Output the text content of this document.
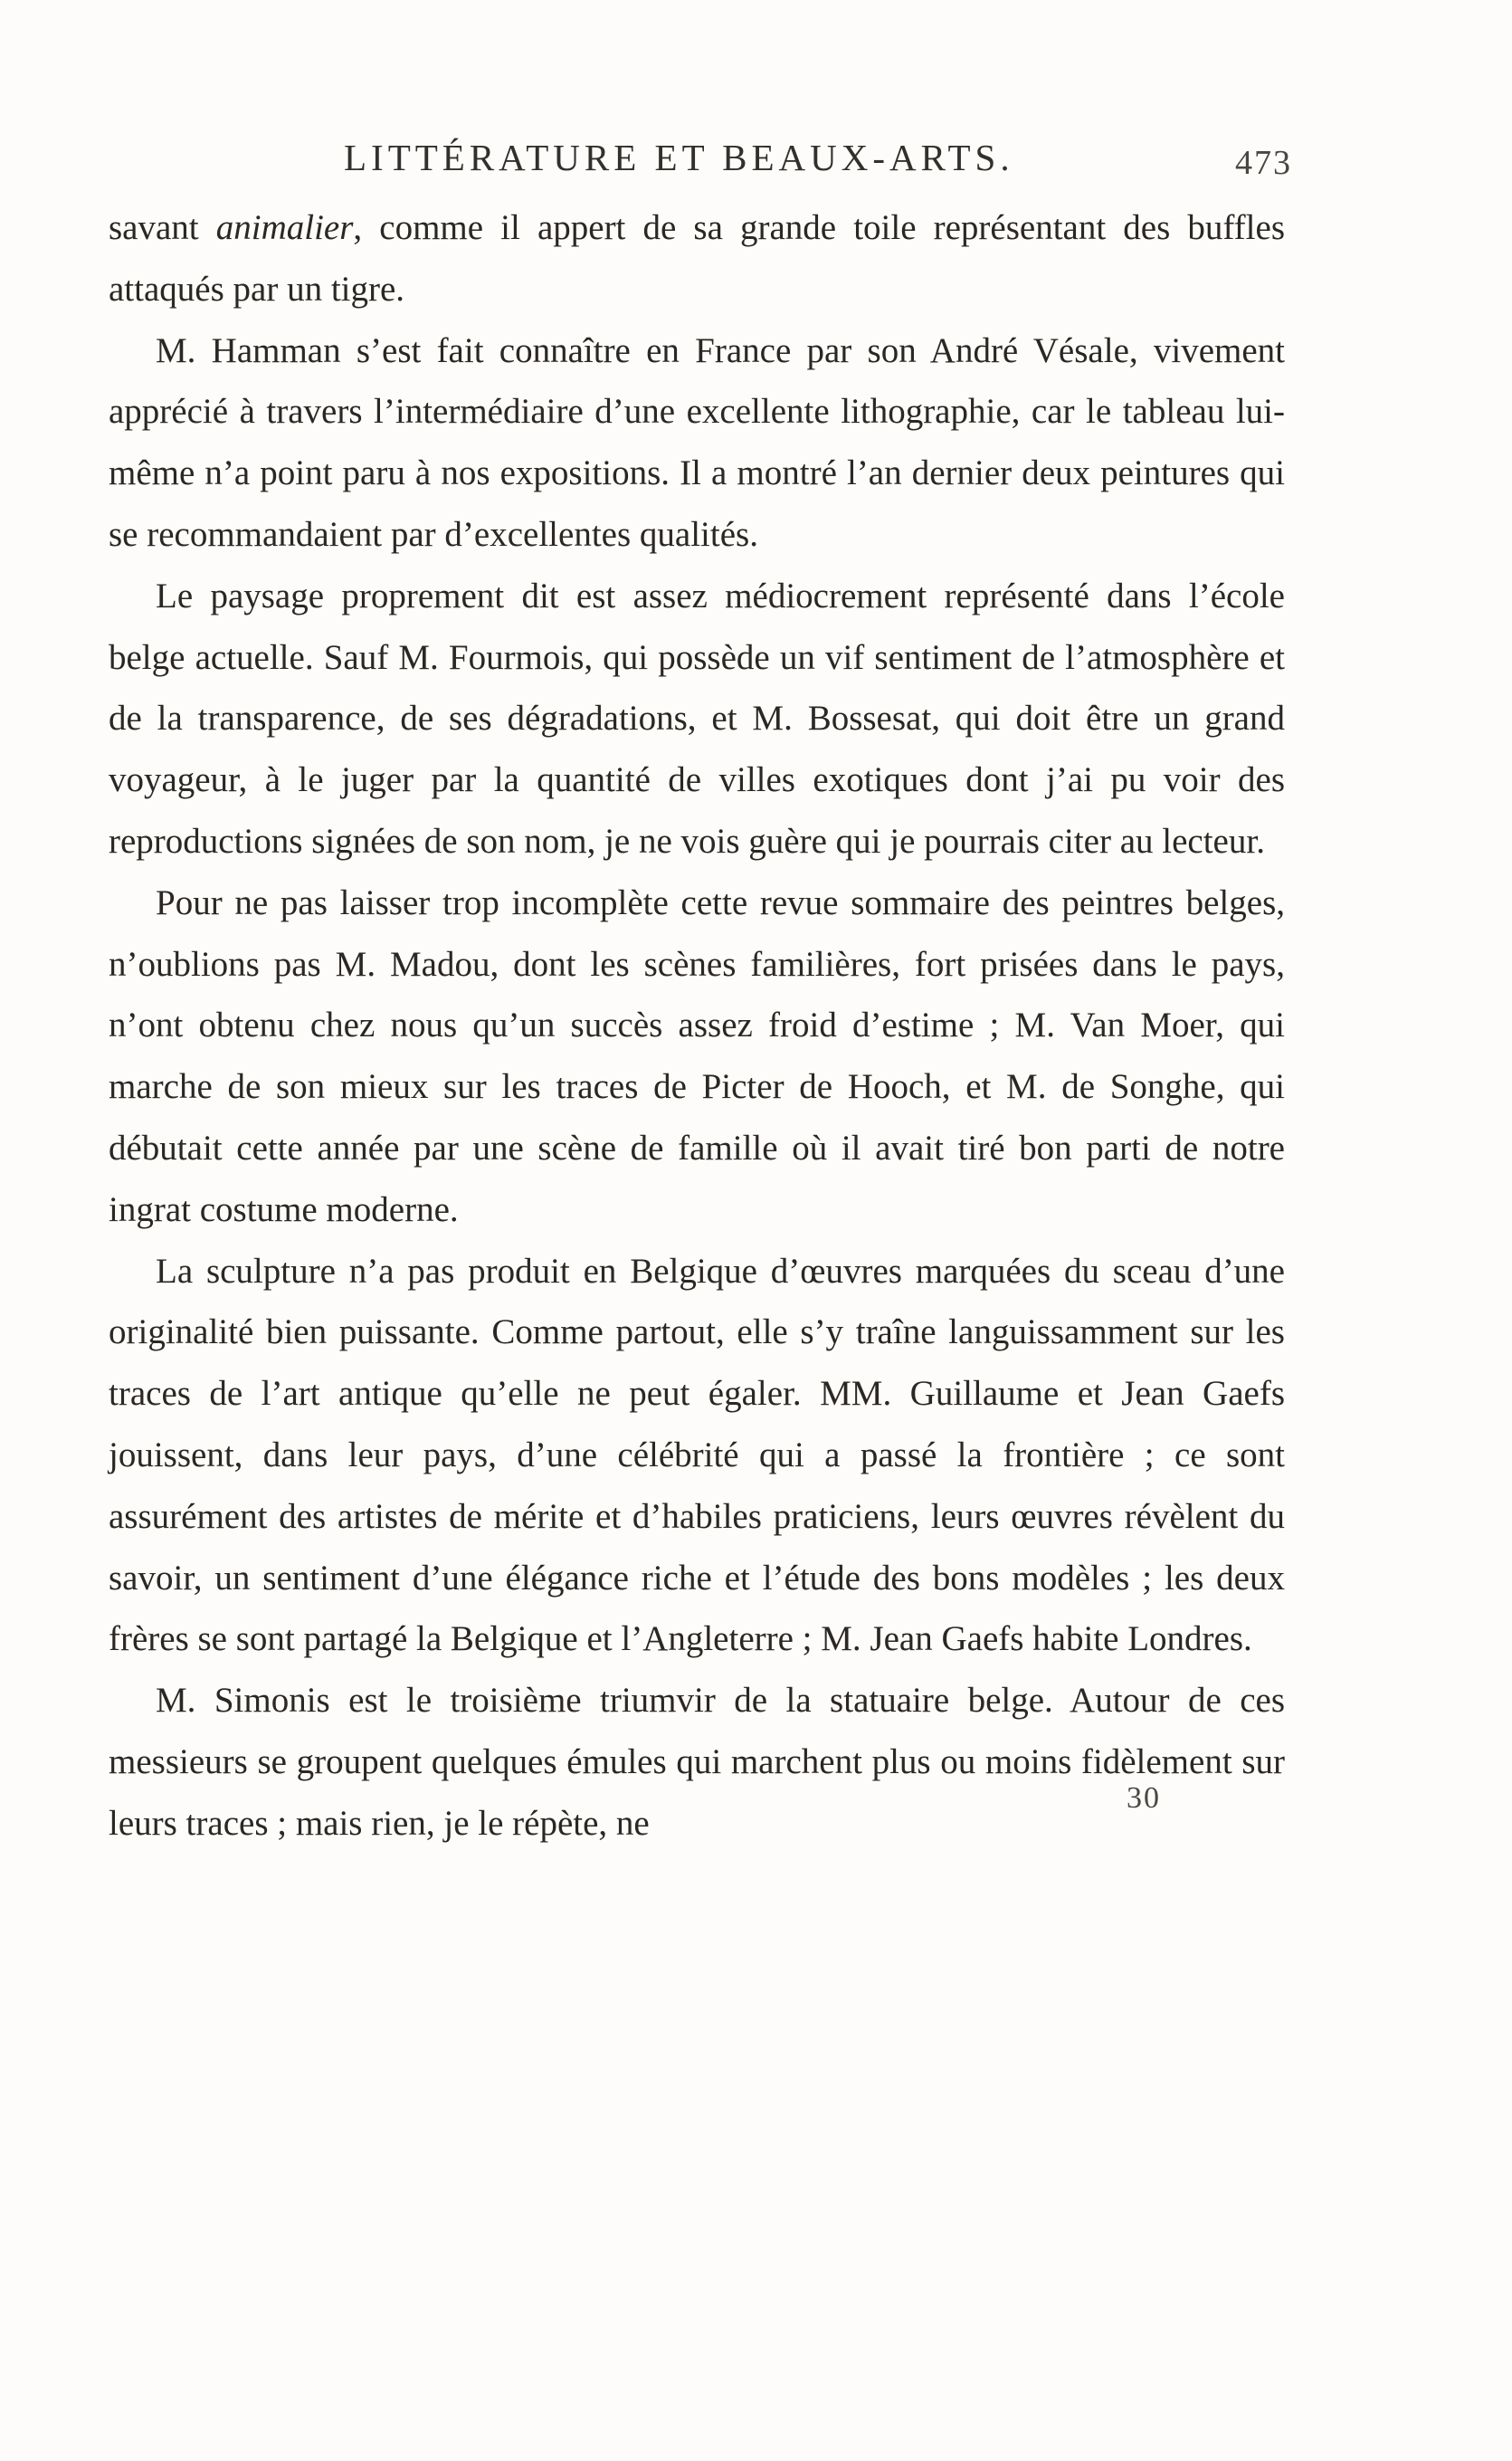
LITTÉRATURE ET BEAUX-ARTS.	473

savant animalier, comme il appert de sa grande toile représentant des buffles attaqués par un tigre.

M. Hamman s’est fait connaître en France par son André Vésale, vivement apprécié à travers l’intermédiaire d’une excellente lithographie, car le tableau lui-même n’a point paru à nos expositions. Il a montré l’an dernier deux peintures qui se recommandaient par d’excellentes qualités.

Le paysage proprement dit est assez médiocrement représenté dans l’école belge actuelle. Sauf M. Fourmois, qui possède un vif sentiment de l’atmosphère et de la transparence, de ses dégradations, et M. Bossesat, qui doit être un grand voyageur, à le juger par la quantité de villes exotiques dont j’ai pu voir des reproductions signées de son nom, je ne vois guère qui je pourrais citer au lecteur.

Pour ne pas laisser trop incomplète cette revue sommaire des peintres belges, n’oublions pas M. Madou, dont les scènes familières, fort prisées dans le pays, n’ont obtenu chez nous qu’un succès assez froid d’estime ; M. Van Moer, qui marche de son mieux sur les traces de Picter de Hooch, et M. de Songhe, qui débutait cette année par une scène de famille où il avait tiré bon parti de notre ingrat costume moderne.

La sculpture n’a pas produit en Belgique d’œuvres marquées du sceau d’une originalité bien puissante. Comme partout, elle s’y traîne languissamment sur les traces de l’art antique qu’elle ne peut égaler. MM. Guillaume et Jean Gaefs jouissent, dans leur pays, d’une célébrité qui a passé la frontière ; ce sont assurément des artistes de mérite et d’habiles praticiens, leurs œuvres révèlent du savoir, un sentiment d’une élégance riche et l’étude des bons modèles ; les deux frères se sont partagé la Belgique et l’Angleterre ; M. Jean Gaefs habite Londres.

M. Simonis est le troisième triumvir de la statuaire belge. Autour de ces messieurs se groupent quelques émules qui marchent plus ou moins fidèlement sur leurs traces ; mais rien, je le répète, ne

30
